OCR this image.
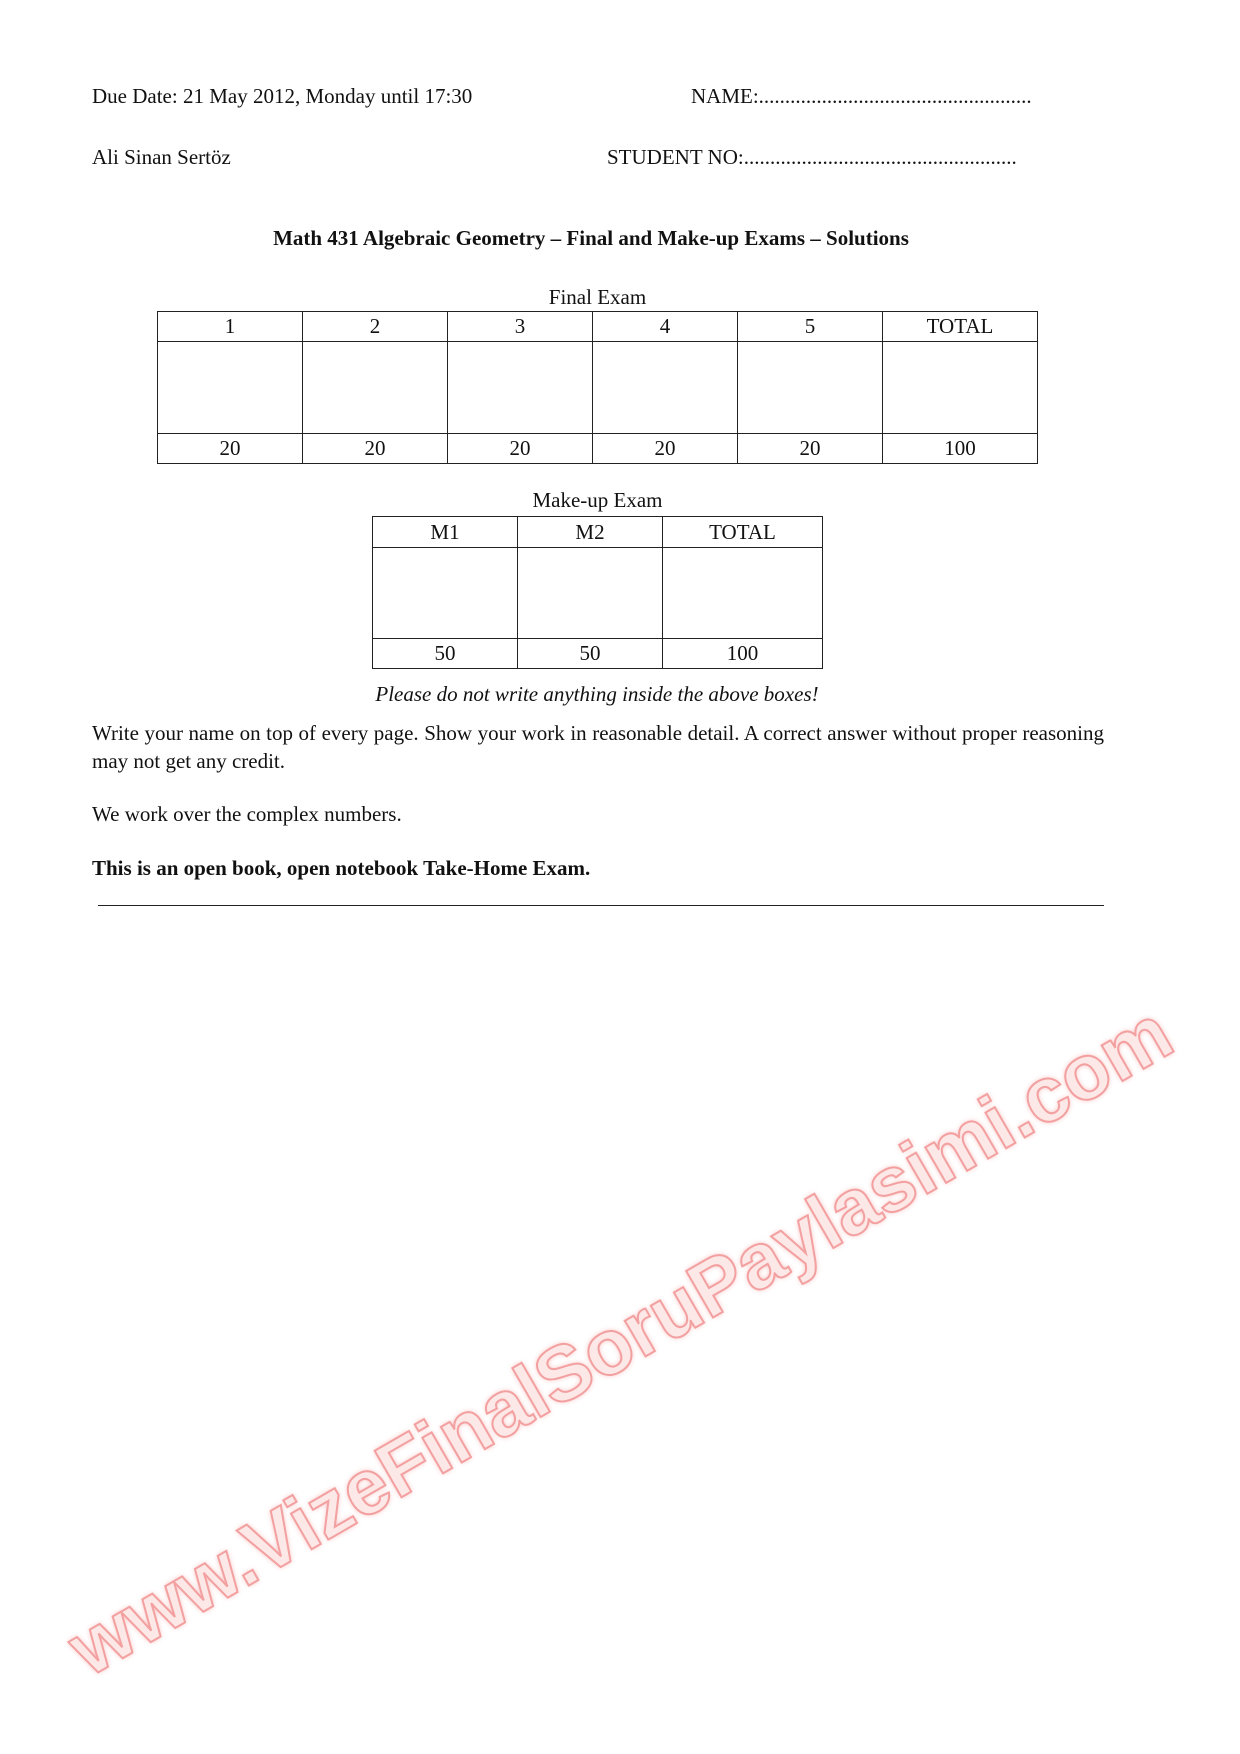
Due Date: 21 May 2012, Monday until 17:30	NAME:....................................................
Ali Sinan Sertöz	STUDENT NO:....................................................
Math 431 Algebraic Geometry – Final and Make-up Exams – Solutions
Final Exam
1	2	3	4	5	TOTAL

20	20	20	20	20	100
Make-up Exam
M1	M2	TOTAL

50	50	100
Please do not write anything inside the above boxes!
Write your name on top of every page. Show your work in reasonable detail. A correct answer without proper reasoning may not get any credit.
We work over the complex numbers.
This is an open book, open notebook Take-Home Exam.
www.VizeFinalSoruPaylasimi.com
